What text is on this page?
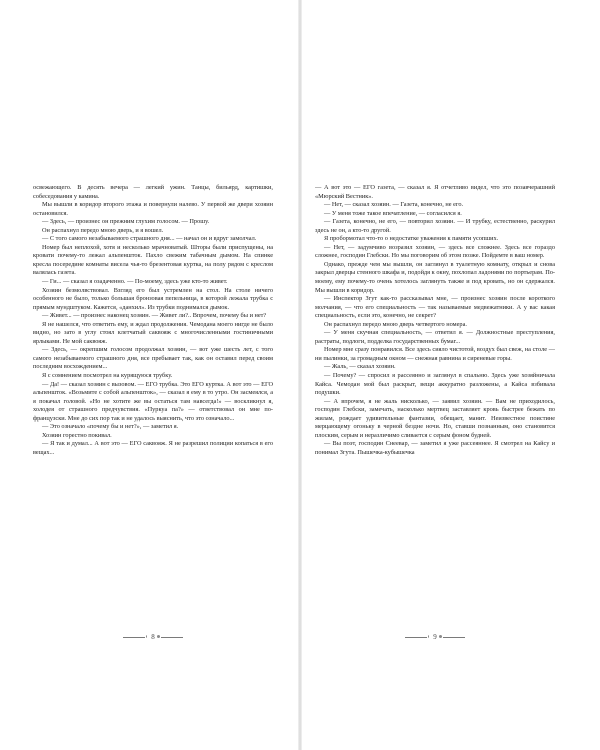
освежающего. В десять вечера — легкий ужин. Танцы, бильярд, картишки, собеседования у камина.

Мы вышли в коридор второго этажа и повернули налево. У первой же двери хозяин остановился.

— Здесь, — произнес он прежним глухим голосом. — Прошу.

Он распахнул передо мною дверь, и я вошел.

— С того самого незабываемого страшного дня... — начал он и вдруг замолчал.

Номер был неплохой, хотя и несколько мрачноватый. Шторы были приспущены, на кровати почему-то лежал альпеншток. Пахло свежим табачным дымом. На спинке кресла посередине комнаты висела чья-то брезентовая куртка, на полу рядом с креслом валялась газета.

— Ги... — сказал я озадаченно. — По-моему, здесь уже кто-то живет.

Хозяин безмолвствовал. Взгляд его был устремлен на стол. На столе ничего особенного не было, только большая бронзовая пепельница, в которой лежала трубка с прямым мундштуком. Кажется, «данхил». Из трубки поднимался дымок.

— Живет... — произнес наконец хозяин. — Живет ли?.. Впрочем, почему бы и нет?

Я не нашелся, что ответить ему, и ждал продолжения. Чемодана моего нигде не было видно, но зато в углу стоял клетчатый саквояж с многочисленными гостиничными ярлыками. Не мой саквояж.

— Здесь, — окрепшим голосом продолжал хозяин, — вот уже шесть лет, с того самого незабываемого страшного дня, все пребывает так, как он оставил перед своим последним восхождением...

Я с сомнением посмотрел на курящуюся трубку.

— Да! — сказал хозяин с вызовом. — ЕГО трубка. Это ЕГО куртка. А вот это — ЕГО альпеншток. «Возьмите с собой альпеншток», — сказал я ему в то утро. Он засмеялся, а я покачал головой. «Но не хотите же вы остаться там навсегда!» — воскликнул я, холодея от страшного предчувствия. «Пуркуа па?» — ответствовал он мне по-французски. Мне до сих пор так и не удалось выяснить, что это означало...

— Это означало «почему бы и нет?», — заметил я.

Хозяин горестно покивал.

— Я так и думал... А вот это — ЕГО саквояж. Я не разрешил полиции копаться в его вещах...

— А вот это — ЕГО газета, — сказал я. Я отчетливо видел, что это позавчерашний «Мюрский Вестник».

— Нет, — сказал хозяин. — Газета, конечно, не его.

— У меня тоже такое впечатление, — согласился я.

— Газета, конечно, не его, — повторил хозяин. — И трубку, естественно, раскурил здесь не он, а кто-то другой.

Я пробормотал что-то о недостатке уважения к памяти усопших.

— Нет, — задумчиво возразил хозяин, — здесь все сложнее. Здесь все гораздо сложнее, господин Глебски. Но мы поговорим об этом позже. Пойдемте в ваш номер.

Однако, прежде чем мы вышли, он заглянул в туалетную комнату, открыл и снова закрыл дверцы стенного шкафа и, подойдя к окну, похлопал ладонями по портьерам. По-моему, ему почему-то очень хотелось заглянуть также и под кровать, но он сдержался. Мы вышли в коридор.

— Инспектор Згут как-то рассказывал мне, — произнес хозяин после короткого молчания, — что его специальность — так называемые медвежатники. А у вас какая специальность, если это, конечно, не секрет?

Он распахнул передо мною дверь четвертого номера.

— У меня скучная специальность, — ответил я. — Должностные преступления, растраты, подлоги, подделка государственных бумаг...

Номер мне сразу понравился. Все здесь сияло чистотой, воздух был свеж, на столе — ни пылинки, за громадным окном — снежная равнина и сиреневые горы.

— Жаль, — сказал хозяин.

— Почему? — спросил я рассеянно и заглянул в спальню. Здесь уже хозяйничала Кайса. Чемодан мой был раскрыт, вещи аккуратно разложены, а Кайса взбивала подушки.

— А впрочем, я не жаль нисколько, — заявил хозяин. — Вам не приходилось, господин Глебски, замечать, насколько мертвец заставляет кровь быстрее бежать по жилам, рождает удивительные фантазии, обещает, манит. Неизвестное поистине мерцающему огоньку в черной бездне ночи. Но, ставши познанным, оно становится плоским, серым и неразличимо сливается с серым фоном будней.

— Вы поэт, господин Снеевар, — заметил я уже рассеяннее. Я смотрел на Кайсу и понимал Згута. Пышечка-кубышечка

8	9
